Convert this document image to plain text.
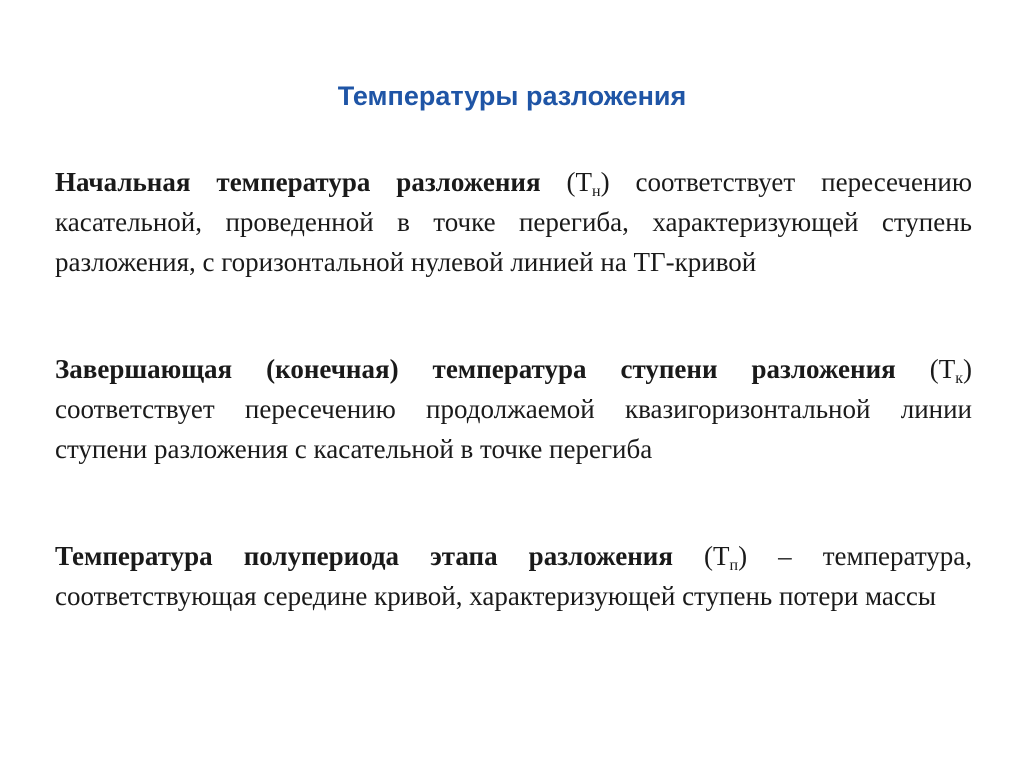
Температуры разложения

Начальная температура разложения $(Т_н)$ соответствует пересечению касательной, проведенной в точке перегиба, характеризующей ступень разложения, с горизонтальной нулевой линией на ТГ-кривой

Завершающая (конечная) температура ступени разложения $(Т_к)$ соответствует пересечению продолжаемой квазигоризонтальной линии ступени разложения с касательной в точке перегиба

Температура полупериода этапа разложения $(Т_п)$ – температура, соответствующая середине кривой, характеризующей ступень потери массы
